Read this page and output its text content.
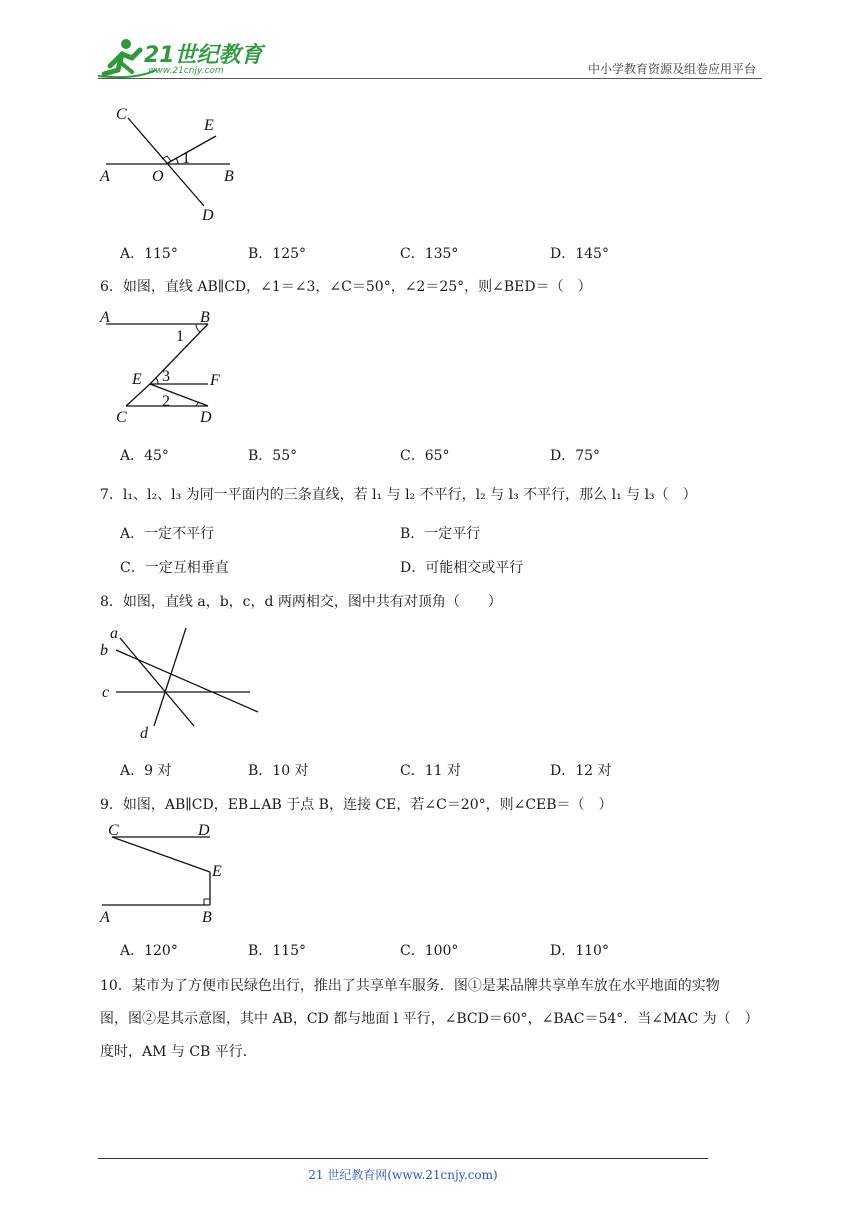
21世纪教育
www.21cnjy.com	中小学教育资源及组卷应用平台
C
E
1
A	O	B
D
A．115°	B．125°	C．135°	D．145°
6．如图，直线 AB∥CD，∠1＝∠3，∠C＝50°，∠2＝25°，则∠BED＝（　）
A	B
1
E 3	F
C
2
D
A．45°	B．55°	C．65°	D．75°
7．l₁、l₂、l₃ 为同一平面内的三条直线，若 l₁ 与 l₂ 不平行，l₂ 与 l₃ 不平行，那么 l₁ 与 l₃（　）
A．一定不平行	B．一定平行
C．一定互相垂直	D．可能相交或平行
8．如图，直线 a，b，c，d 两两相交，图中共有对顶角（　　）
a
b
c
d
A．9 对	B．10 对	C．11 对	D．12 对
9．如图，AB∥CD，EB⊥AB 于点 B，连接 CE，若∠C＝20°，则∠CEB＝（　）
C	D
E
A	B
A．120°	B．115°	C．100°	D．110°
10．某市为了方便市民绿色出行，推出了共享单车服务．图①是某品牌共享单车放在水平地面的实物
图，图②是其示意图，其中 AB，CD 都与地面 l 平行，∠BCD＝60°，∠BAC＝54°．当∠MAC 为（　）
度时，AM 与 CB 平行．
21 世纪教育网(www.21cnjy.com)
